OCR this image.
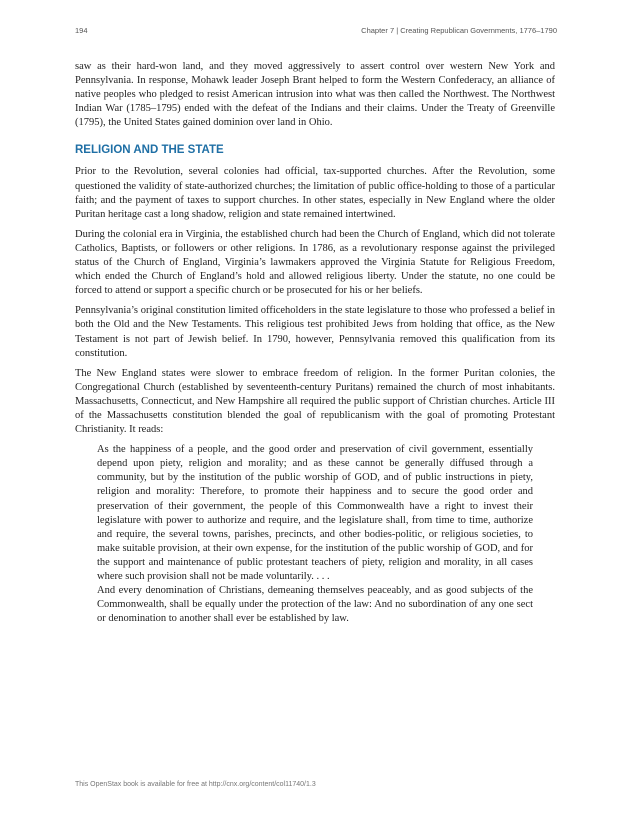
194	Chapter 7 | Creating Republican Governments, 1776–1790

saw as their hard-won land, and they moved aggressively to assert control over western New York and Pennsylvania. In response, Mohawk leader Joseph Brant helped to form the Western Confederacy, an alliance of native peoples who pledged to resist American intrusion into what was then called the Northwest. The Northwest Indian War (1785–1795) ended with the defeat of the Indians and their claims. Under the Treaty of Greenville (1795), the United States gained dominion over land in Ohio.

RELIGION AND THE STATE

Prior to the Revolution, several colonies had official, tax-supported churches. After the Revolution, some questioned the validity of state-authorized churches; the limitation of public office-holding to those of a particular faith; and the payment of taxes to support churches. In other states, especially in New England where the older Puritan heritage cast a long shadow, religion and state remained intertwined.

During the colonial era in Virginia, the established church had been the Church of England, which did not tolerate Catholics, Baptists, or followers or other religions. In 1786, as a revolutionary response against the privileged status of the Church of England, Virginia’s lawmakers approved the Virginia Statute for Religious Freedom, which ended the Church of England’s hold and allowed religious liberty. Under the statute, no one could be forced to attend or support a specific church or be prosecuted for his or her beliefs.

Pennsylvania’s original constitution limited officeholders in the state legislature to those who professed a belief in both the Old and the New Testaments. This religious test prohibited Jews from holding that office, as the New Testament is not part of Jewish belief. In 1790, however, Pennsylvania removed this qualification from its constitution.

The New England states were slower to embrace freedom of religion. In the former Puritan colonies, the Congregational Church (established by seventeenth-century Puritans) remained the church of most inhabitants. Massachusetts, Connecticut, and New Hampshire all required the public support of Christian churches. Article III of the Massachusetts constitution blended the goal of republicanism with the goal of promoting Protestant Christianity. It reads:

As the happiness of a people, and the good order and preservation of civil government, essentially depend upon piety, religion and morality; and as these cannot be generally diffused through a community, but by the institution of the public worship of GOD, and of public instructions in piety, religion and morality: Therefore, to promote their happiness and to secure the good order and preservation of their government, the people of this Commonwealth have a right to invest their legislature with power to authorize and require, and the legislature shall, from time to time, authorize and require, the several towns, parishes, precincts, and other bodies-politic, or religious societies, to make suitable provision, at their own expense, for the institution of the public worship of GOD, and for the support and maintenance of public protestant teachers of piety, religion and morality, in all cases where such provision shall not be made voluntarily. . . .

And every denomination of Christians, demeaning themselves peaceably, and as good subjects of the Commonwealth, shall be equally under the protection of the law: And no subordination of any one sect or denomination to another shall ever be established by law.

This OpenStax book is available for free at http://cnx.org/content/col11740/1.3
